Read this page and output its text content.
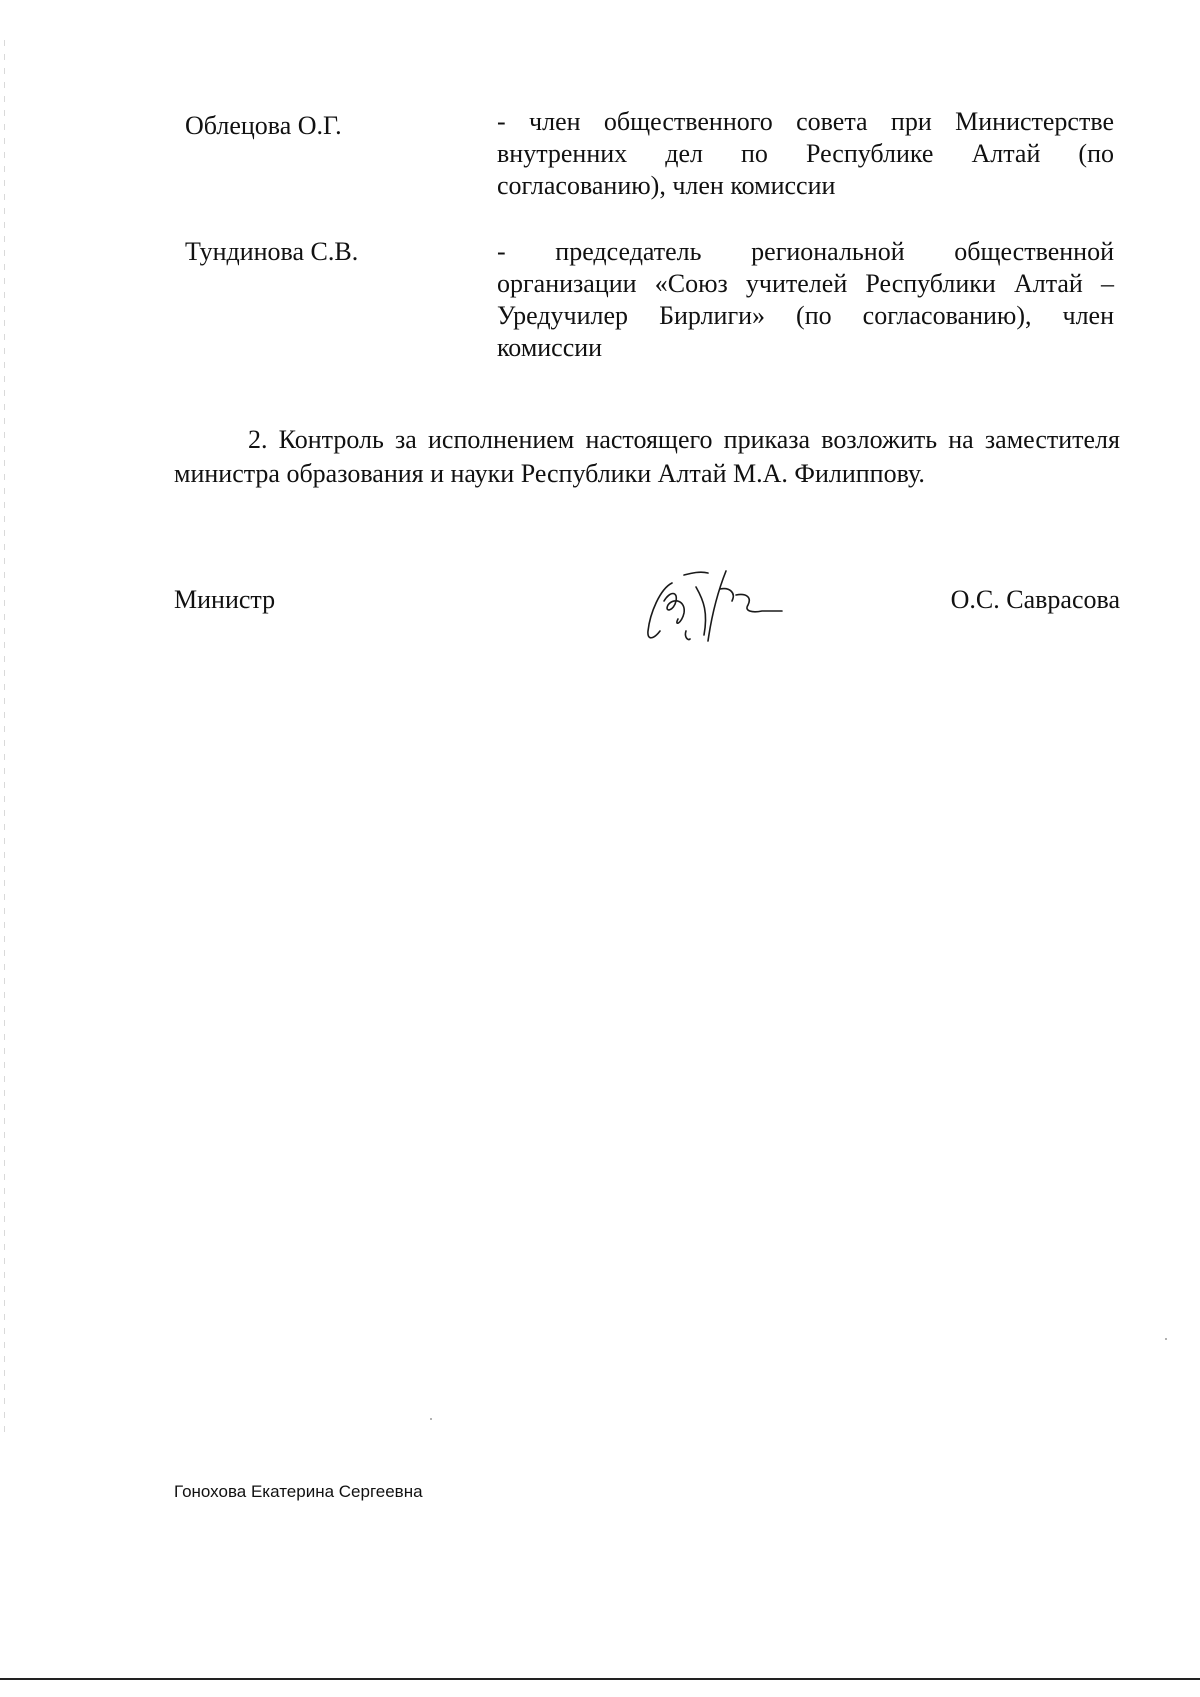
Облецова О.Г.	- член общественного совета при Министерстве внутренних дел по Республике Алтай (по согласованию), член комиссии
Тундинова С.В.	- председатель региональной общественной организации «Союз учителей Республики Алтай – Уредучилер Бирлиги» (по согласованию), член комиссии

2. Контроль за исполнением настоящего приказа возложить на заместителя министра образования и науки Республики Алтай М.А. Филиппову.

Министр	О.С. Саврасова
Гонохова Екатерина Сергеевна
